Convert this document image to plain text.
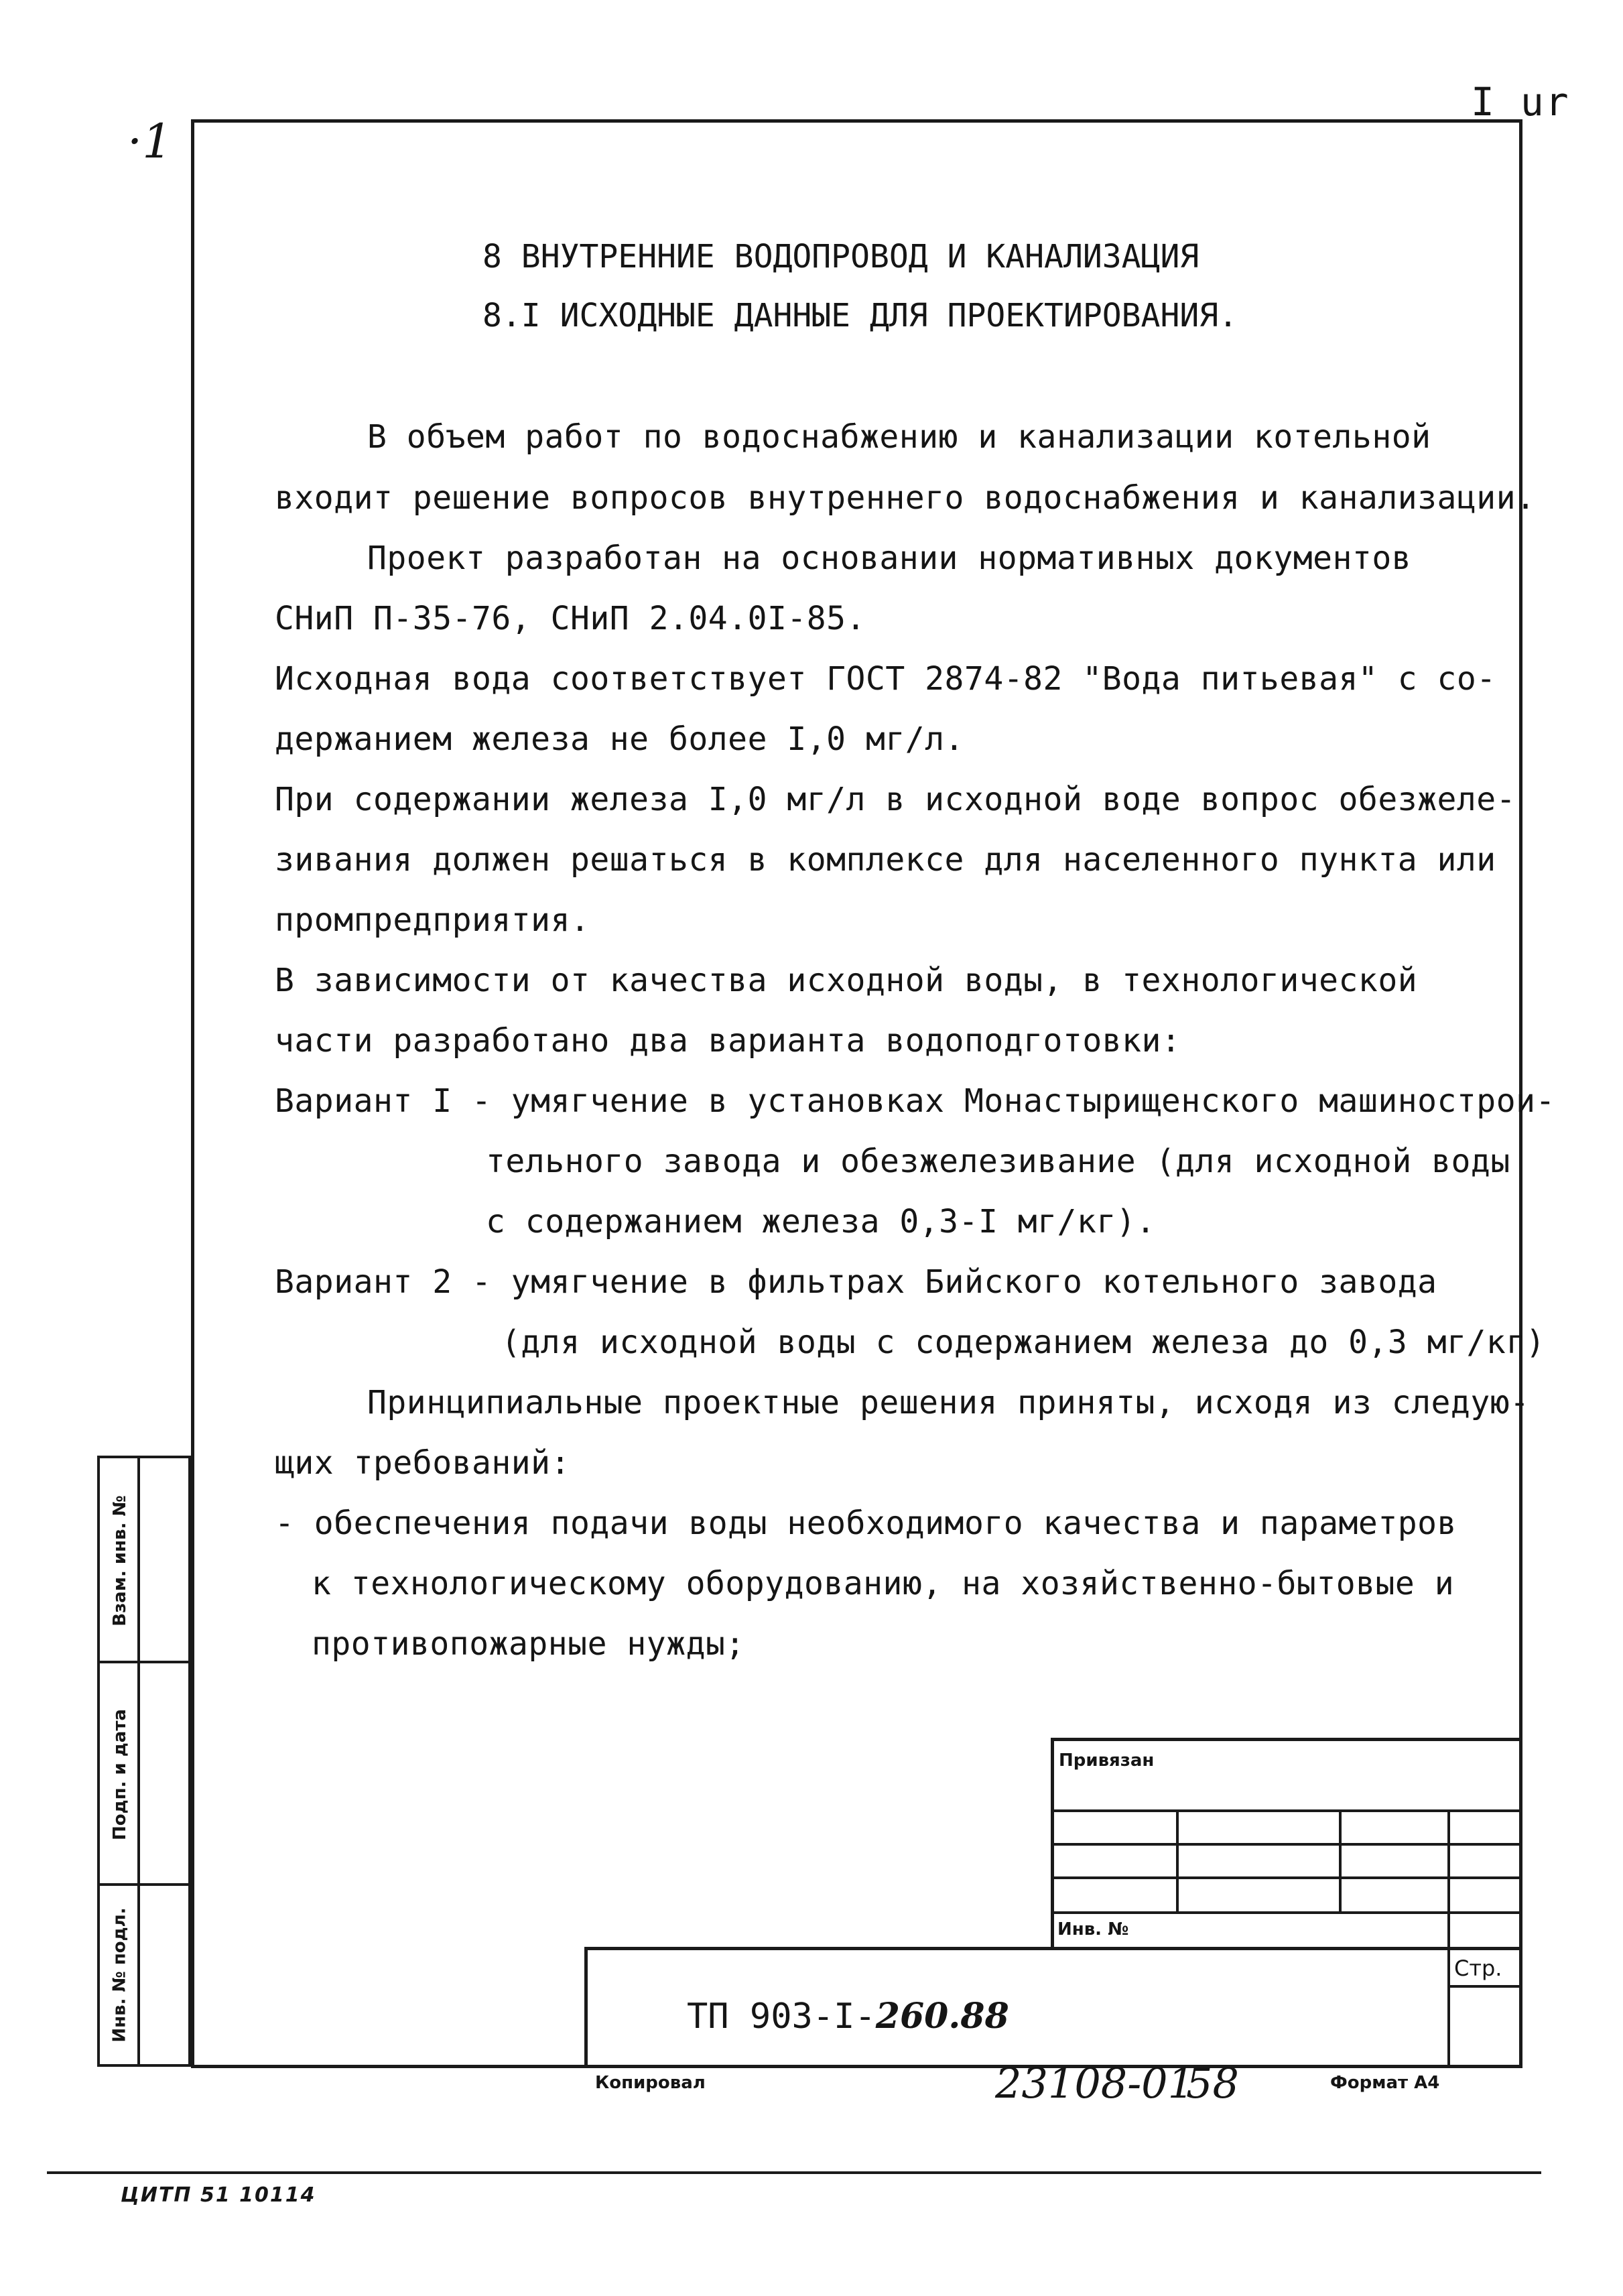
I ur
·1
8 ВНУТРЕННИЕ ВОДОПРОВОД И КАНАЛИЗАЦИЯ
8.I ИСХОДНЫЕ ДАННЫЕ ДЛЯ ПРОЕКТИРОВАНИЯ.
В объем работ по водоснабжению и канализации котельной
входит решение вопросов внутреннего водоснабжения и канализации.
Проект разработан на основании нормативных документов
СНиП П-35-76, СНиП 2.04.0I-85.
Исходная вода соответствует ГОСТ 2874-82 "Вода питьевая" с со-
держанием железа не более I,0 мг/л.
При содержании железа I,0 мг/л в исходной воде вопрос обезжеле-
зивания должен решаться в комплексе для населенного пункта или
промпредприятия.
В зависимости от качества исходной воды, в технологической
части разработано два варианта водоподготовки:
Вариант I - умягчение в установках Монастырищенского машинострои-
тельного завода и обезжелезивание (для исходной воды
с содержанием железа 0,3-I мг/кг).
Вариант 2 - умягчение в фильтрах Бийского котельного завода
(для исходной воды с содержанием железа до 0,3 мг/кг)
Принципиальные проектные решения приняты, исходя из следую-
щих требований:
- обеспечения подачи воды необходимого качества и параметров
к технологическому оборудованию, на хозяйственно-бытовые и
противопожарные нужды;
Взам. инв. №
Подп. и дата
Инв. № подл.
Привязан
Инв. №
Стр.
ТП 903-I-260.88
Копировал	23108-01
58	Формат А4
ЦИТП 51 10114
